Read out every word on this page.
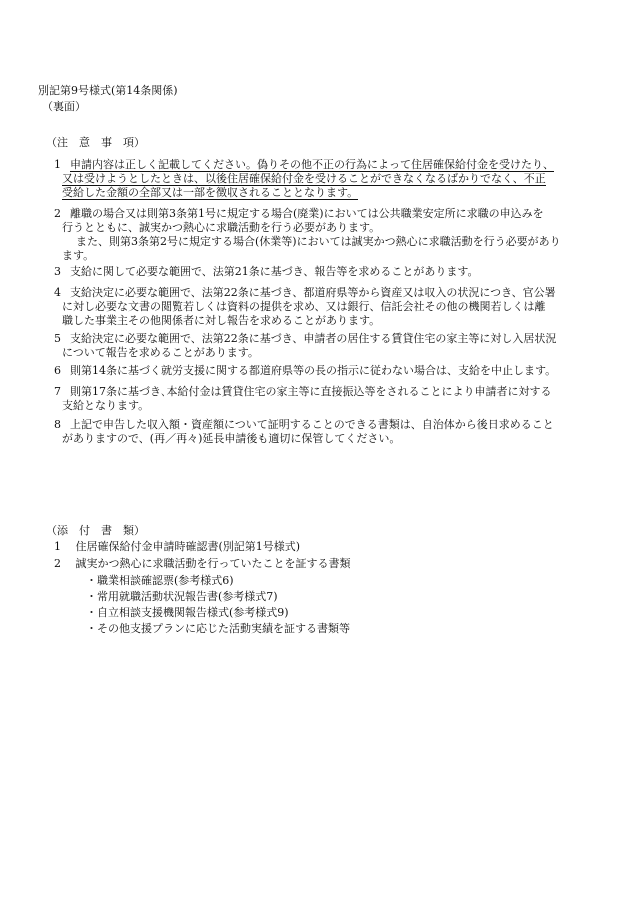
別記第9号様式(第14条関係)
（裏面）
（注　意　事　項）
1 申請内容は正しく記載してください。偽りその他不正の行為によって住居確保給付金を受けたり、
又は受けようとしたときは、以後住居確保給付金を受けることができなくなるばかりでなく、不正
受給した金額の全部又は一部を徴収されることとなります。
2 離職の場合又は則第3条第1号に規定する場合(廃業)においては公共職業安定所に求職の申込みを
行うとともに、誠実かつ熱心に求職活動を行う必要があります。
また、則第3条第2号に規定する場合(休業等)においては誠実かつ熱心に求職活動を行う必要があり
ます。
3 支給に関して必要な範囲で、法第21条に基づき、報告等を求めることがあります。
4 支給決定に必要な範囲で、法第22条に基づき、都道府県等から資産又は収入の状況につき、官公署
に対し必要な文書の閲覧若しくは資料の提供を求め、又は銀行、信託会社その他の機関若しくは離
職した事業主その他関係者に対し報告を求めることがあります。
5 支給決定に必要な範囲で、法第22条に基づき、申請者の居住する賃貸住宅の家主等に対し入居状況
について報告を求めることがあります。
6 則第14条に基づく就労支援に関する都道府県等の長の指示に従わない場合は、支給を中止します。
7 則第17条に基づき､本給付金は賃貸住宅の家主等に直接振込等をされることにより申請者に対する
支給となります。
8 上記で申告した収入額・資産額について証明することのできる書類は、自治体から後日求めること
がありますので、(再／再々)延長申請後も適切に保管してください。
（添　付　書　類）
1 住居確保給付金申請時確認書(別記第1号様式)
2 誠実かつ熱心に求職活動を行っていたことを証する書類
・職業相談確認票(参考様式6)
・常用就職活動状況報告書(参考様式7)
・自立相談支援機関報告様式(参考様式9)
・その他支援プランに応じた活動実績を証する書類等
